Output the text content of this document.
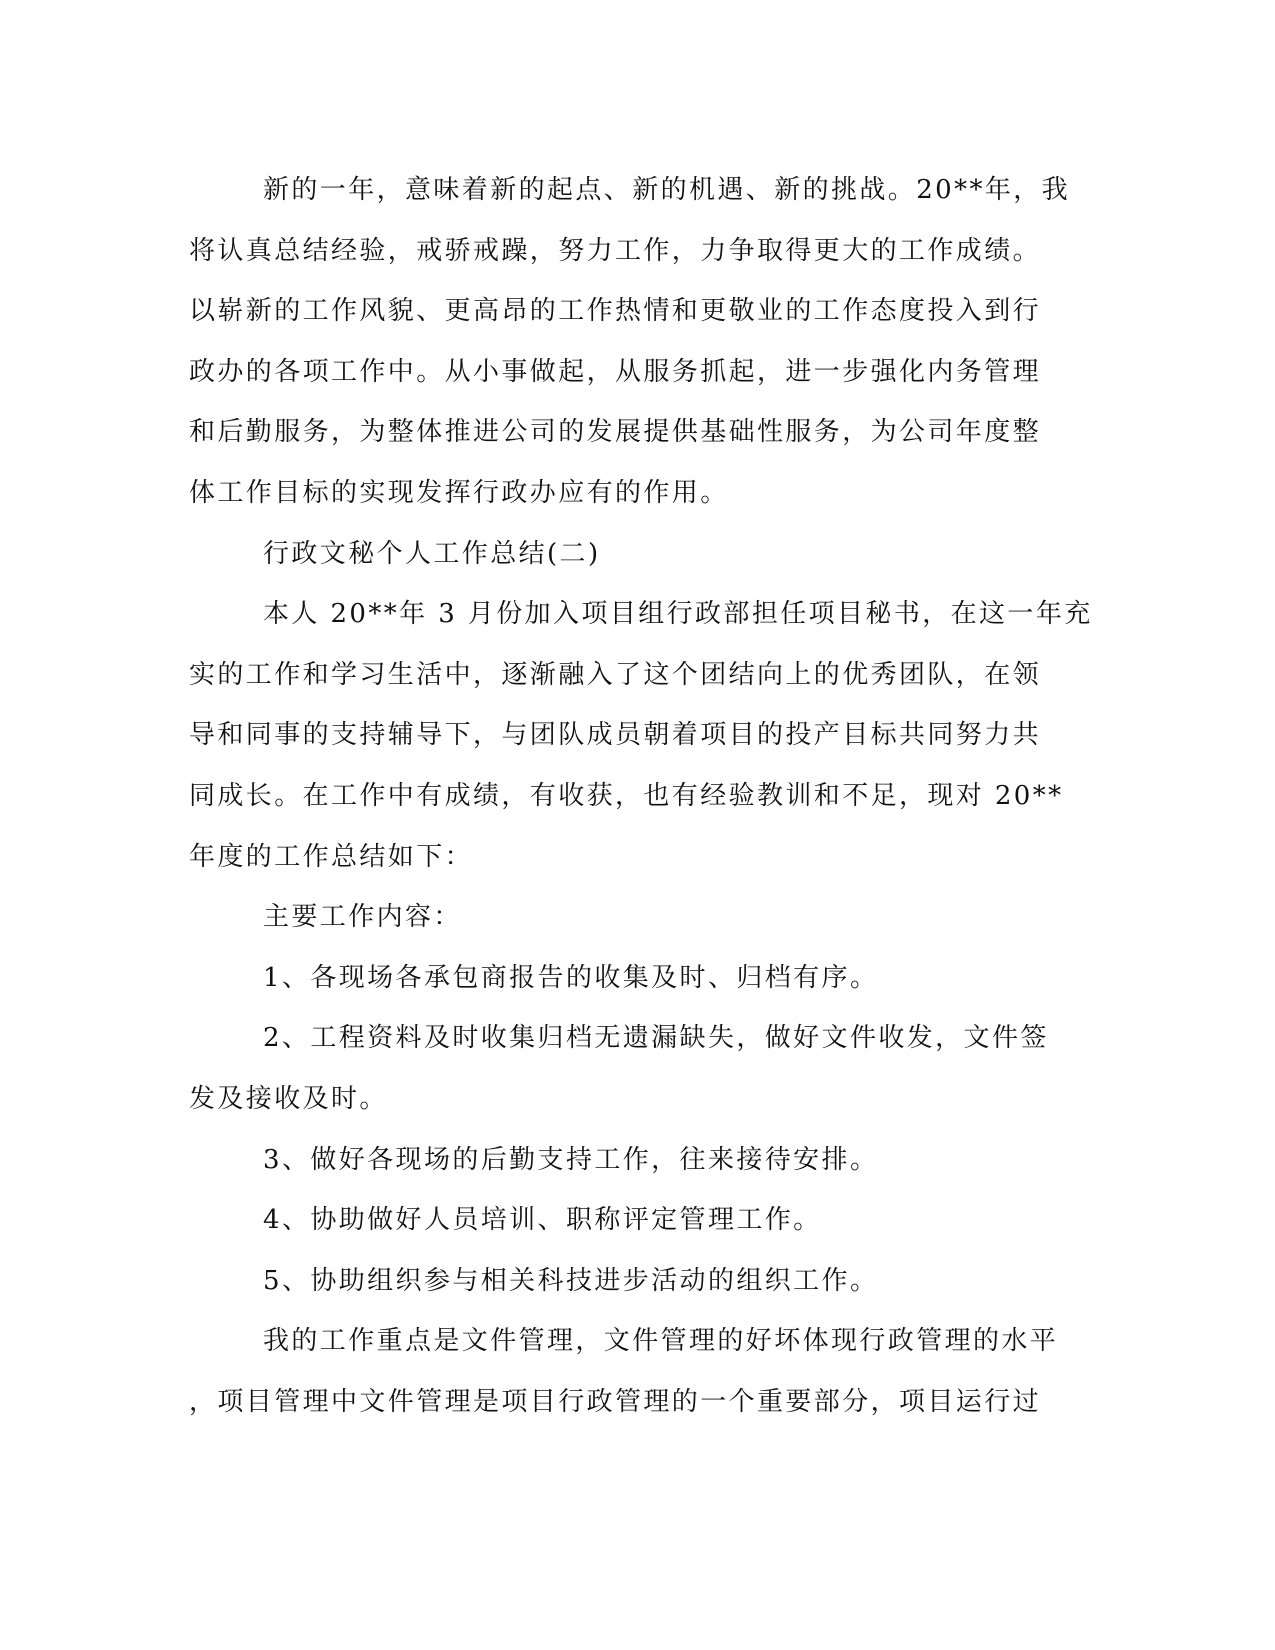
新的一年，意味着新的起点、新的机遇、新的挑战。20**年，我
将认真总结经验，戒骄戒躁，努力工作，力争取得更大的工作成绩。
以崭新的工作风貌、更高昂的工作热情和更敬业的工作态度投入到行
政办的各项工作中。从小事做起，从服务抓起，进一步强化内务管理
和后勤服务，为整体推进公司的发展提供基础性服务，为公司年度整
体工作目标的实现发挥行政办应有的作用。
行政文秘个人工作总结(二)
本人 20**年 3 月份加入项目组行政部担任项目秘书，在这一年充
实的工作和学习生活中，逐渐融入了这个团结向上的优秀团队，在领
导和同事的支持辅导下，与团队成员朝着项目的投产目标共同努力共
同成长。在工作中有成绩，有收获，也有经验教训和不足，现对 20**
年度的工作总结如下：
主要工作内容：
1、各现场各承包商报告的收集及时、归档有序。
2、工程资料及时收集归档无遗漏缺失，做好文件收发，文件签
发及接收及时。
3、做好各现场的后勤支持工作，往来接待安排。
4、协助做好人员培训、职称评定管理工作。
5、协助组织参与相关科技进步活动的组织工作。
我的工作重点是文件管理，文件管理的好坏体现行政管理的水平
，项目管理中文件管理是项目行政管理的一个重要部分，项目运行过
